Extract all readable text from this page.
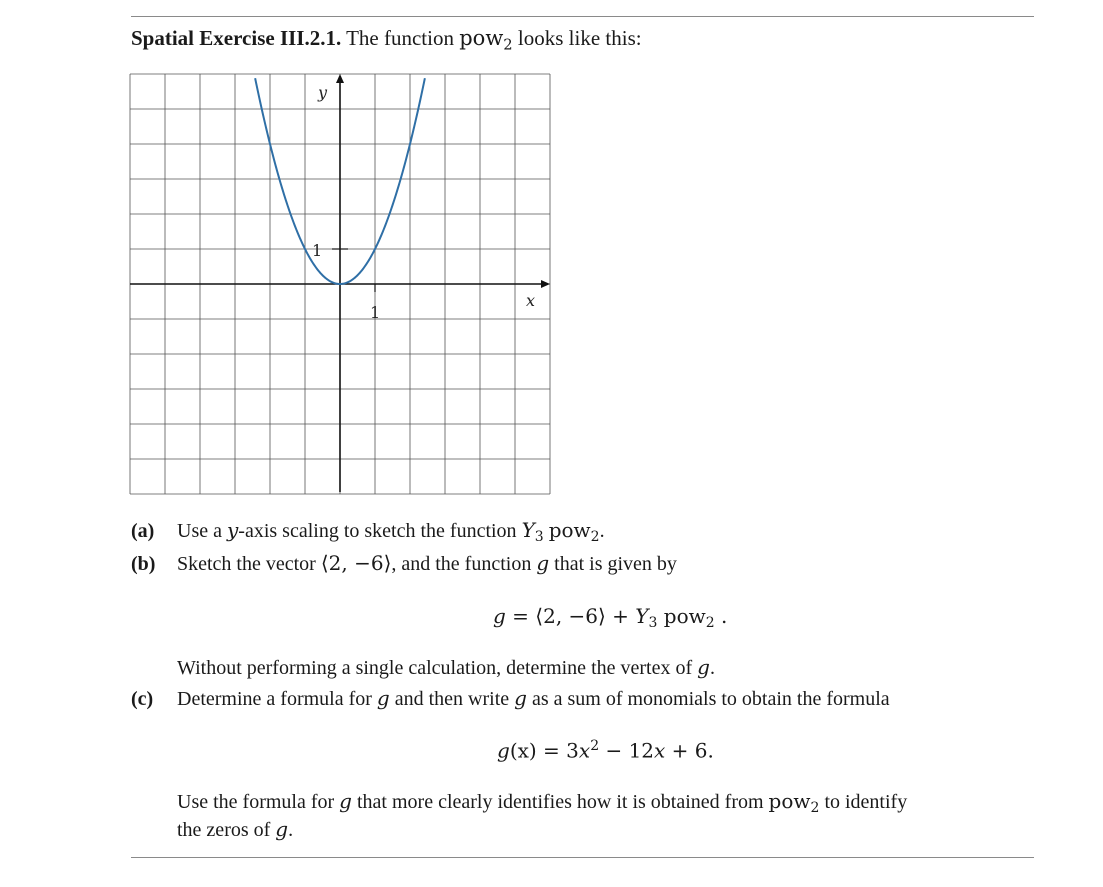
Spatial Exercise III.2.1. The function pow$_2$ looks like this:
y
x
1
1
(a) Use a y-axis scaling to sketch the function $Y_3$ pow$_2$.
(b) Sketch the vector ⟨2, −6⟩, and the function g that is given by
g = ⟨2, −6⟩ + $Y_3$ pow$_2$ .
Without performing a single calculation, determine the vertex of g.
(c) Determine a formula for g and then write g as a sum of monomials to obtain the formula
$g(x) = 3x^2 - 12x + 6$.
Use the formula for g that more clearly identifies how it is obtained from pow$_2$ to identify
the zeros of g.
